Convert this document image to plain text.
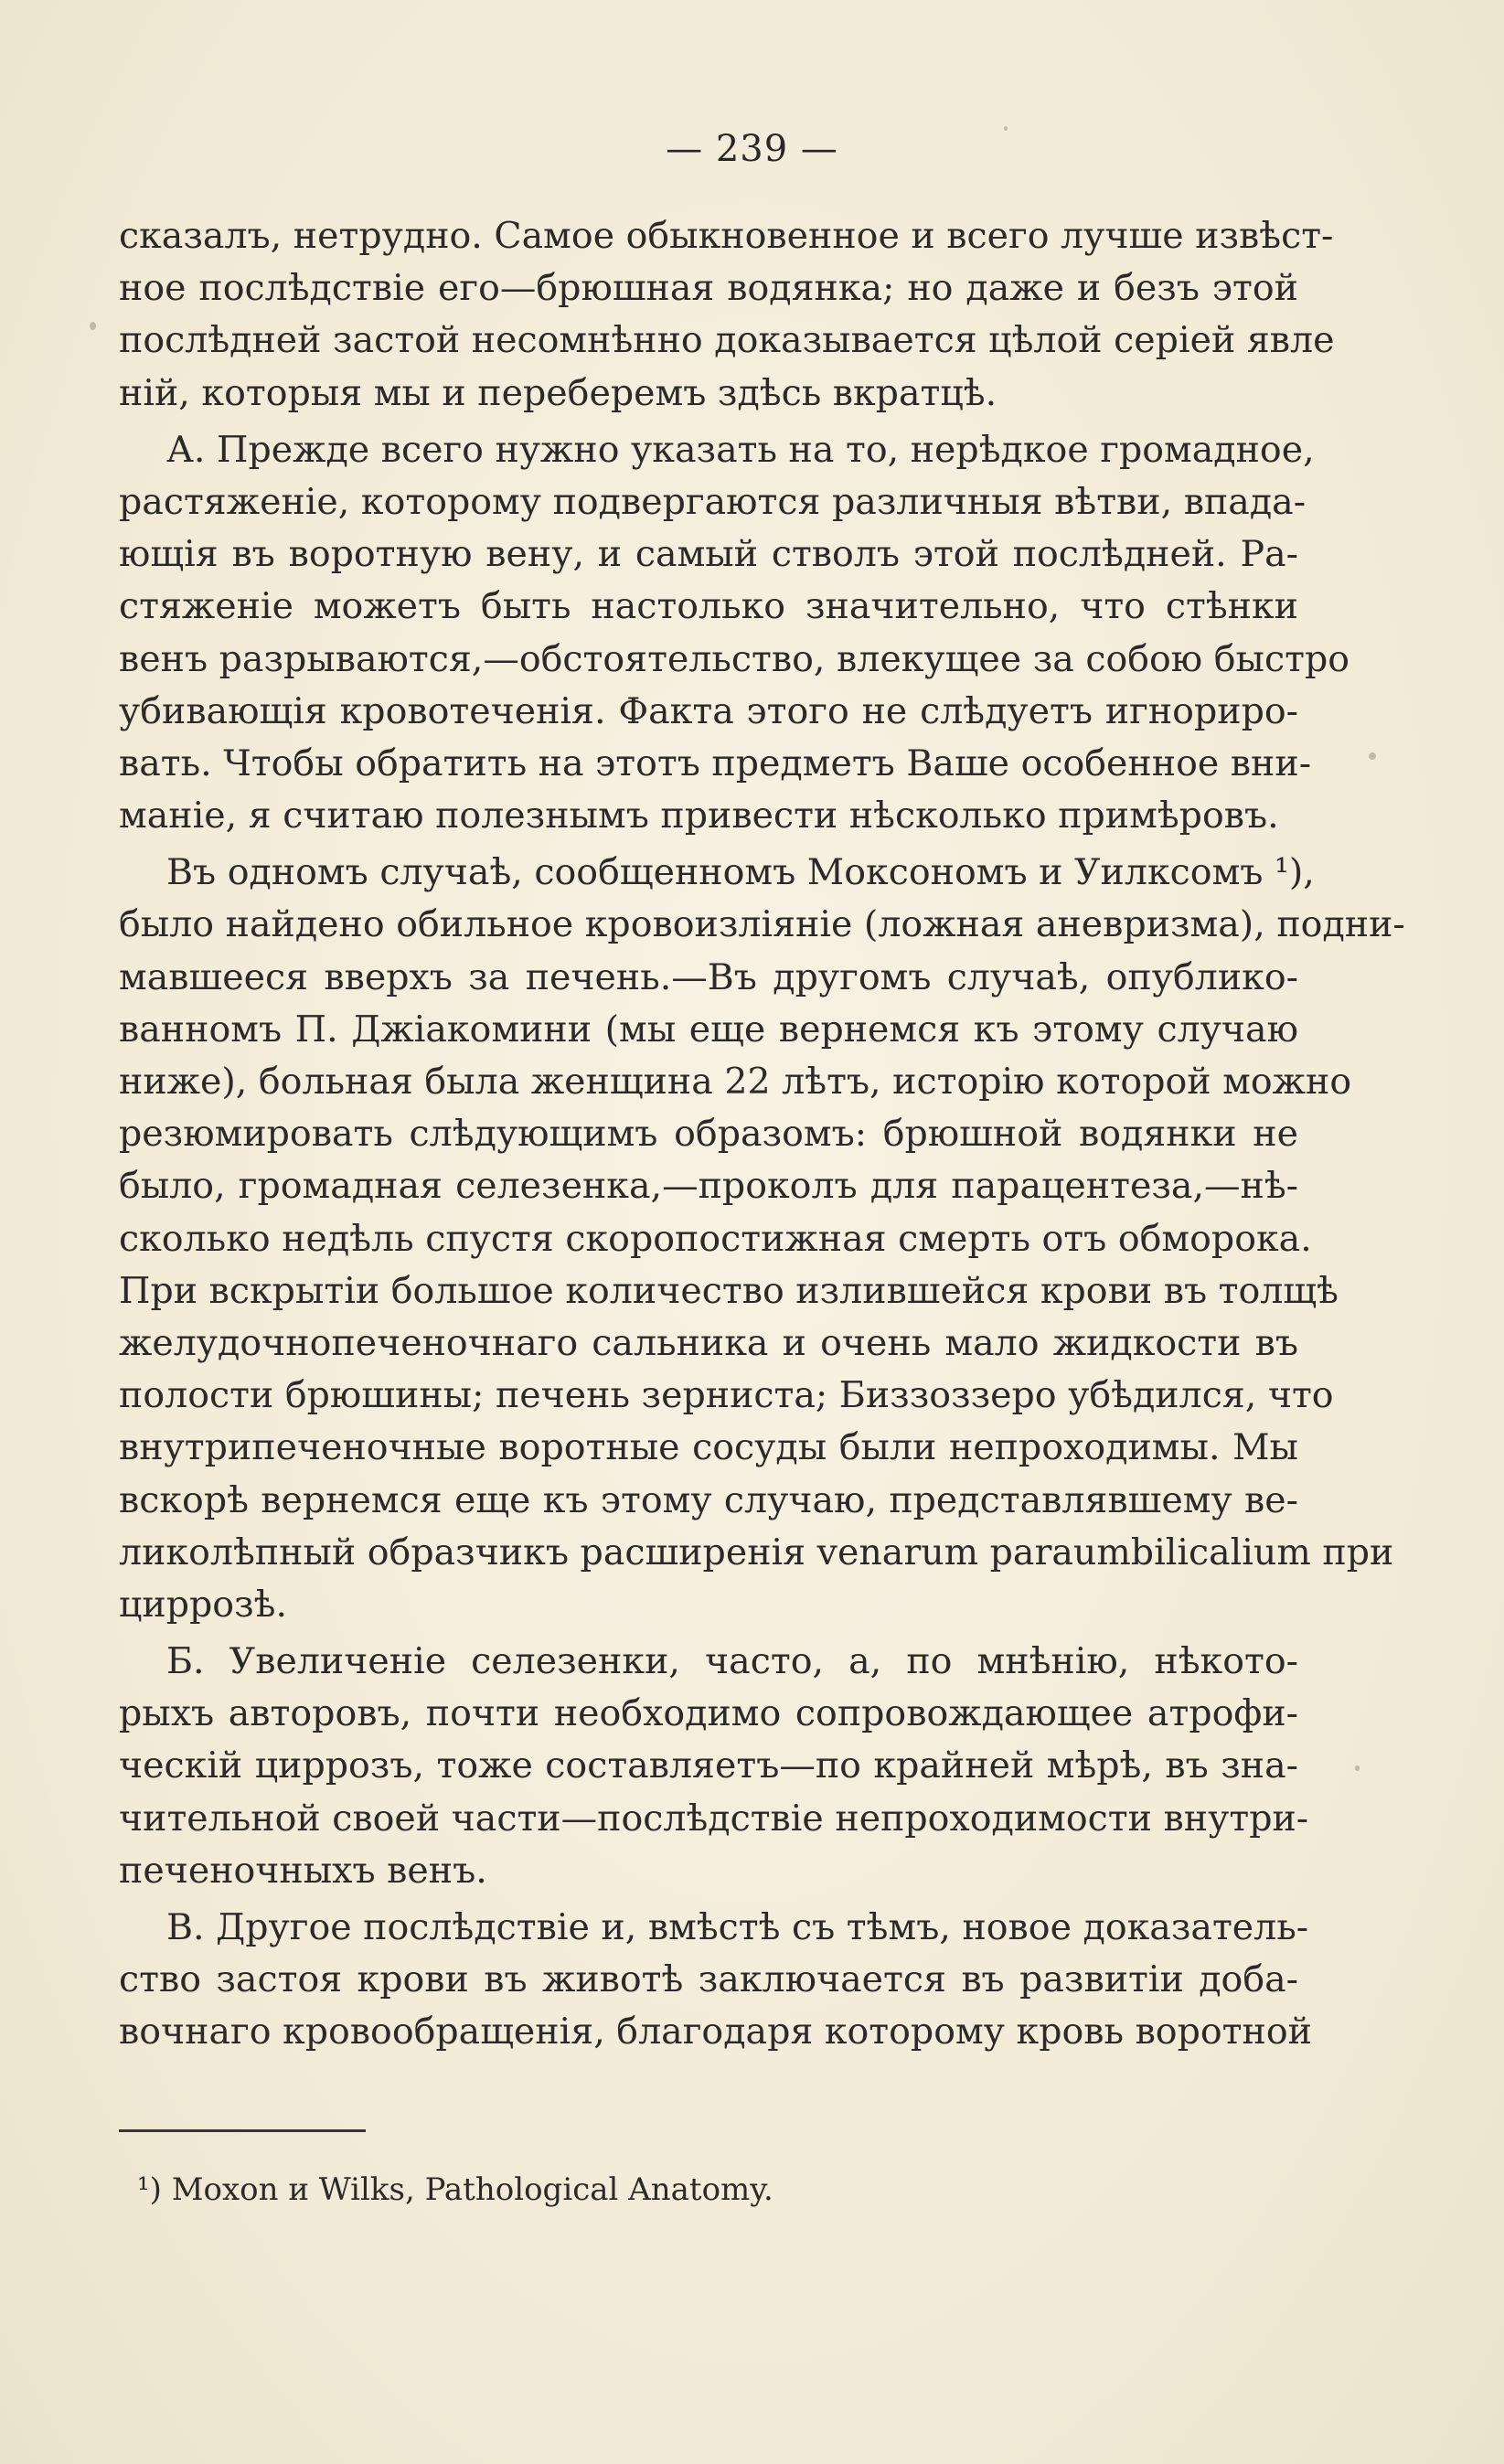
— 239 —
сказалъ, нетрудно. Самое обыкновенное и всего лучше извѣст-
ное послѣдствіе его—брюшная водянка; но даже и безъ этой
послѣдней застой несомнѣнно доказывается цѣлой серіей явле
ній, которыя мы и переберемъ здѣсь вкратцѣ.
А. Прежде всего нужно указать на то, нерѣдкое громадное,
растяженіе, которому подвергаются различныя вѣтви, впада-
ющія въ воротную вену, и самый стволъ этой послѣдней. Ра-
стяженіе можетъ быть настолько значительно, что стѣнки
венъ разрываются,—обстоятельство, влекущее за собою быстро
убивающія кровотеченія. Факта этого не слѣдуетъ игнориро-
вать. Чтобы обратить на этотъ предметъ Ваше особенное вни-
маніе, я считаю полезнымъ привести нѣсколько примѣровъ.
Въ одномъ случаѣ, сообщенномъ Моксономъ и Уилксомъ ¹),
было найдено обильное кровоизліяніе (ложная аневризма), подни-
мавшееся вверхъ за печень.—Въ другомъ случаѣ, опублико-
ванномъ П. Джіакомини (мы еще вернемся къ этому случаю
ниже), больная была женщина 22 лѣтъ, исторію которой можно
резюмировать слѣдующимъ образомъ: брюшной водянки не
было, громадная селезенка,—проколъ для парацентеза,—нѣ-
сколько недѣль спустя скоропостижная смерть отъ обморока.
При вскрытіи большое количество излившейся крови въ толщѣ
желудочнопеченочнаго сальника и очень мало жидкости въ
полости брюшины; печень зерниста; Биззоззеро убѣдился, что
внутрипеченочные воротные сосуды были непроходимы. Мы
вскорѣ вернемся еще къ этому случаю, представлявшему ве-
ликолѣпный образчикъ расширенія venarum paraumbilicalium при
циррозѣ.
Б. Увеличеніе селезенки, часто, а, по мнѣнію, нѣкото-
рыхъ авторовъ, почти необходимо сопровождающее атрофи-
ческій циррозъ, тоже составляетъ—по крайней мѣрѣ, въ зна-
чительной своей части—послѣдствіе непроходимости внутри-
печеночныхъ венъ.
В. Другое послѣдствіе и, вмѣстѣ съ тѣмъ, новое доказатель-
ство застоя крови въ животѣ заключается въ развитіи доба-
вочнаго кровообращенія, благодаря которому кровь воротной
¹) Moxon и Wilks, Pathological Anatomy.
